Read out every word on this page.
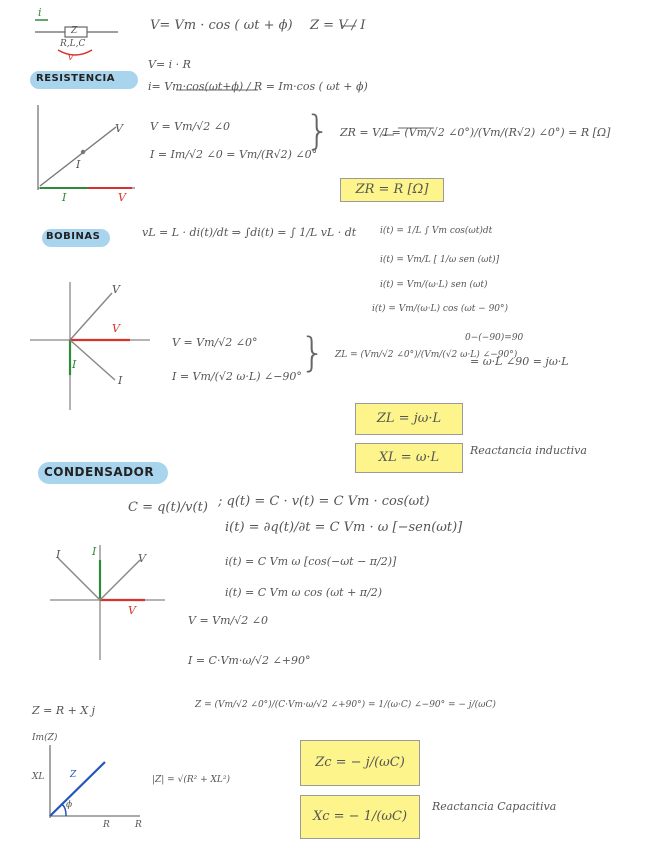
i
Z
R,L,C
v
V= Vm · cos ( ωt + ϕ) Z = V / I
V= i · R
i= Vm·cos(ωt+ϕ) / R = Im·cos ( ωt + ϕ)
RESISTENCIA
V
I
I	V
V = Vm/√2 ∠0
I = Im/√2 ∠0 = Vm/(R√2) ∠0°
} ZR = V/I = (Vm/√2 ∠0°)/(Vm/(R√2) ∠0°) = R [Ω]
ZR = R [Ω]
BOBINAS	vL = L · di(t)/dt ⇒ ∫di(t) = ∫ 1/L vL · dt	i(t) = 1/L ∫ Vm cos(ωt)dt
i(t) = Vm/L [ 1/ω sen (ωt)]
i(t) = Vm/(ω·L) sen (ωt)
i(t) = Vm/(ω·L) cos (ωt − 90°)
V
V
I
I
V = Vm/√2 ∠0°
I = Vm/(√2 ω·L) ∠−90°
} ZL = (Vm/√2 ∠0°)/(Vm/(√2 ω·L) ∠−90°)
0−(−90)=90
= ω·L ∠90 = jω·L
ZL = jω·L
XL = ω·L	Reactancia inductiva
CONDENSADOR
C = q(t)/v(t) ; q(t) = C · v(t) = C Vm · cos(ωt)
i(t) = ∂q(t)/∂t = C Vm · ω [−sen(ωt)]
i(t) = C Vm ω [cos(−ωt − π/2)]
i(t) = C Vm ω cos (ωt + π/2)
I	I
V
V
V = Vm/√2 ∠0
I = C·Vm·ω/√2 ∠+90°
Z = (Vm/√2 ∠0°)/(C·Vm·ω/√2 ∠+90°) = 1/(ω·C) ∠−90° = − j/(ωC)
Zc = − j/(ωC)
Xc = − 1/(ωC)
Reactancia Capacitiva
Z = R + X j
Im(Z)
XL	Z
ϕ
R	R
|Z| = √(R² + XL²)
